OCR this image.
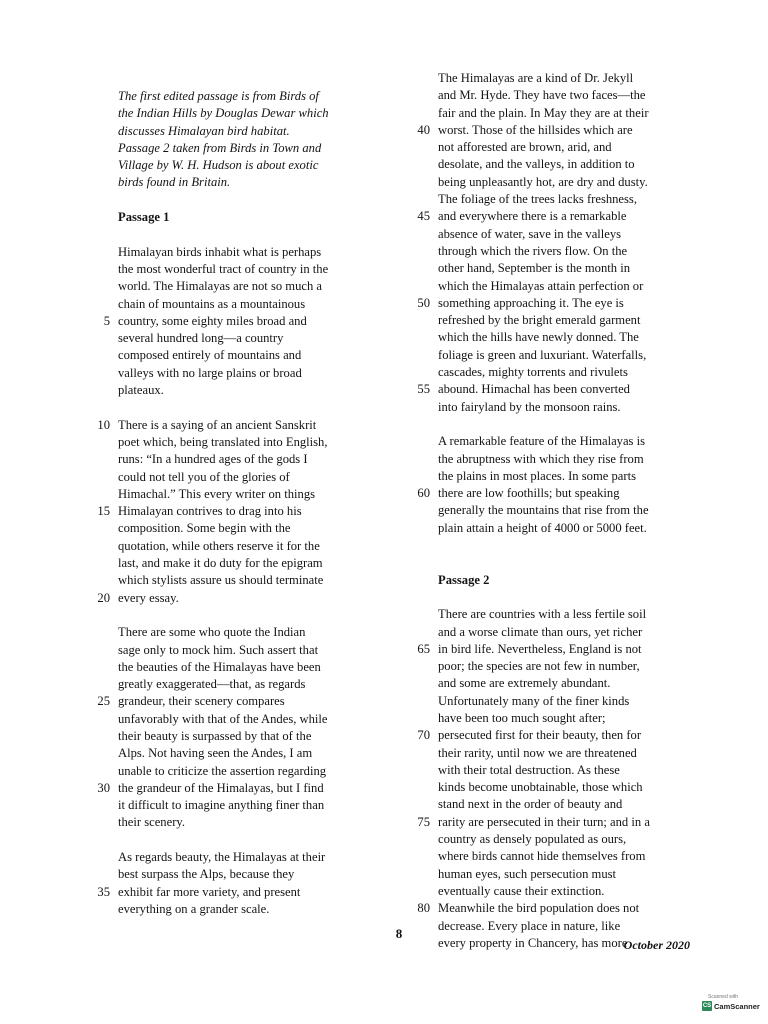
The first edited passage is from Birds of
the Indian Hills by Douglas Dewar which
discusses Himalayan bird habitat.
Passage 2 taken from Birds in Town and
Village by W. H. Hudson is about exotic
birds found in Britain.
Passage 1
Himalayan birds inhabit what is perhaps
the most wonderful tract of country in the
world. The Himalayas are not so much a
chain of mountains as a mountainous
5 country, some eighty miles broad and
several hundred long—a country
composed entirely of mountains and
valleys with no large plains or broad
plateaux.
10 There is a saying of an ancient Sanskrit
poet which, being translated into English,
runs: “In a hundred ages of the gods I
could not tell you of the glories of
Himachal.” This every writer on things
15 Himalayan contrives to drag into his
composition. Some begin with the
quotation, while others reserve it for the
last, and make it do duty for the epigram
which stylists assure us should terminate
20 every essay.
There are some who quote the Indian
sage only to mock him. Such assert that
the beauties of the Himalayas have been
greatly exaggerated—that, as regards
25 grandeur, their scenery compares
unfavorably with that of the Andes, while
their beauty is surpassed by that of the
Alps. Not having seen the Andes, I am
unable to criticize the assertion regarding
30 the grandeur of the Himalayas, but I find
it difficult to imagine anything finer than
their scenery.
As regards beauty, the Himalayas at their
best surpass the Alps, because they
35 exhibit far more variety, and present
everything on a grander scale.
The Himalayas are a kind of Dr. Jekyll
and Mr. Hyde. They have two faces—the
fair and the plain. In May they are at their
40 worst. Those of the hillsides which are
not afforested are brown, arid, and
desolate, and the valleys, in addition to
being unpleasantly hot, are dry and dusty.
The foliage of the trees lacks freshness,
45 and everywhere there is a remarkable
absence of water, save in the valleys
through which the rivers flow. On the
other hand, September is the month in
which the Himalayas attain perfection or
50 something approaching it. The eye is
refreshed by the bright emerald garment
which the hills have newly donned. The
foliage is green and luxuriant. Waterfalls,
cascades, mighty torrents and rivulets
55 abound. Himachal has been converted
into fairyland by the monsoon rains.
A remarkable feature of the Himalayas is
the abruptness with which they rise from
the plains in most places. In some parts
60 there are low foothills; but speaking
generally the mountains that rise from the
plain attain a height of 4000 or 5000 feet.
Passage 2
There are countries with a less fertile soil
and a worse climate than ours, yet richer
65 in bird life. Nevertheless, England is not
poor; the species are not few in number,
and some are extremely abundant.
Unfortunately many of the finer kinds
have been too much sought after;
70 persecuted first for their beauty, then for
their rarity, until now we are threatened
with their total destruction. As these
kinds become unobtainable, those which
stand next in the order of beauty and
75 rarity are persecuted in their turn; and in a
country as densely populated as ours,
where birds cannot hide themselves from
human eyes, such persecution must
eventually cause their extinction.
80 Meanwhile the bird population does not
decrease. Every place in nature, like
every property in Chancery, has more
8
October 2020
Scanned with
CS CamScanner
